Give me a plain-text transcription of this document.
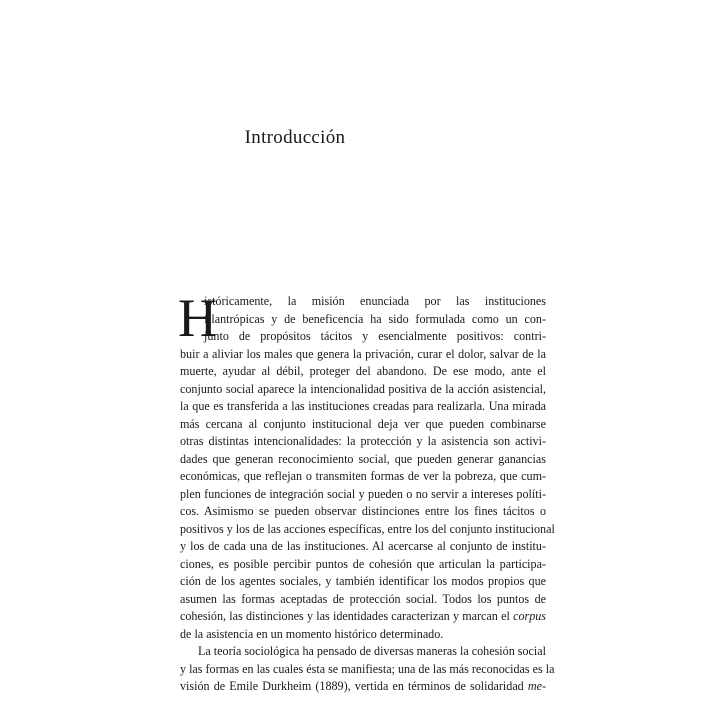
Introducción
H
istóricamente, la misión enunciada por las instituciones
filantrópicas y de beneficencia ha sido formulada como un con-
junto de propósitos tácitos y esencialmente positivos: contri-
buir a aliviar los males que genera la privación, curar el dolor, salvar de la
muerte, ayudar al débil, proteger del abandono. De ese modo, ante el
conjunto social aparece la intencionalidad positiva de la acción asistencial,
la que es transferida a las instituciones creadas para realizarla. Una mirada
más cercana al conjunto institucional deja ver que pueden combinarse
otras distintas intencionalidades: la protección y la asistencia son activi-
dades que generan reconocimiento social, que pueden generar ganancias
económicas, que reflejan o transmiten formas de ver la pobreza, que cum-
plen funciones de integración social y pueden o no servir a intereses políti-
cos. Asimismo se pueden observar distinciones entre los fines tácitos o
positivos y los de las acciones específicas, entre los del conjunto institucional
y los de cada una de las instituciones. Al acercarse al conjunto de institu-
ciones, es posible percibir puntos de cohesión que articulan la participa-
ción de los agentes sociales, y también identificar los modos propios que
asumen las formas aceptadas de protección social. Todos los puntos de
cohesión, las distinciones y las identidades caracterizan y marcan el corpus
de la asistencia en un momento histórico determinado.
La teoría sociológica ha pensado de diversas maneras la cohesión social
y las formas en las cuales ésta se manifiesta; una de las más reconocidas es la
visión de Emile Durkheim (1889), vertida en términos de solidaridad me-
